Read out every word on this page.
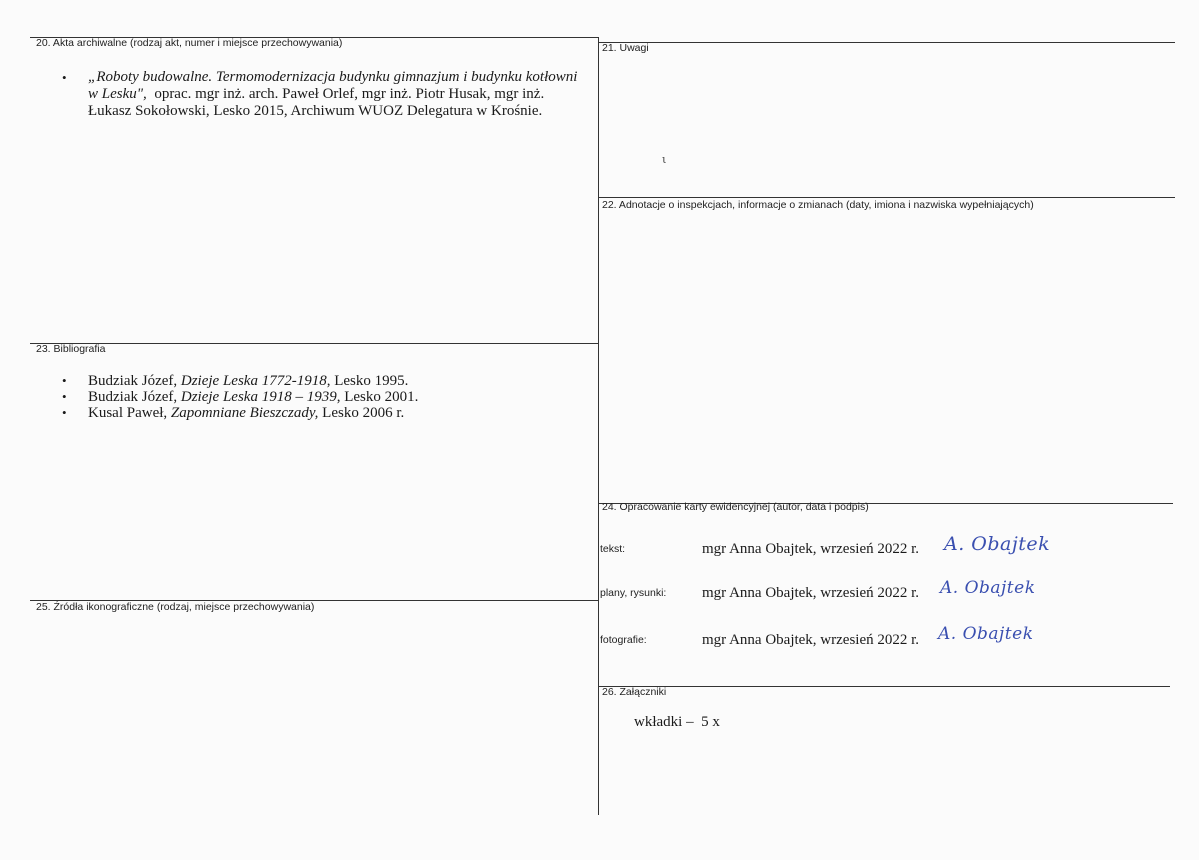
20. Akta archiwalne (rodzaj akt, numer i miejsce przechowywania)
• „Roboty budowalne. Termomodernizacja budynku gimnazjum i budynku kotłowni
w Lesku", oprac. mgr inż. arch. Paweł Orlef, mgr inż. Piotr Husak, mgr inż.
Łukasz Sokołowski, Lesko 2015, Archiwum WUOZ Delegatura w Krośnie.
21. Uwagi
ι
22. Adnotacje o inspekcjach, informacje o zmianach (daty, imiona i nazwiska wypełniających)
23. Bibliografia
• Budziak Józef, Dzieje Leska 1772-1918, Lesko 1995.
• Budziak Józef, Dzieje Leska 1918 – 1939, Lesko 2001.
• Kusal Paweł, Zapomniane Bieszczady, Lesko 2006 r.
24. Opracowanie karty ewidencyjnej (autor, data i podpis)
tekst:	mgr Anna Obajtek, wrzesień 2022 r. A. Obajtek
plany, rysunki: mgr Anna Obajtek, wrzesień 2022 r. A. Obajtek
fotografie:	mgr Anna Obajtek, wrzesień 2022 r. A. Obajtek
25. Źródła ikonograficzne (rodzaj, miejsce przechowywania)
26. Załączniki
wkładki –  5 x
